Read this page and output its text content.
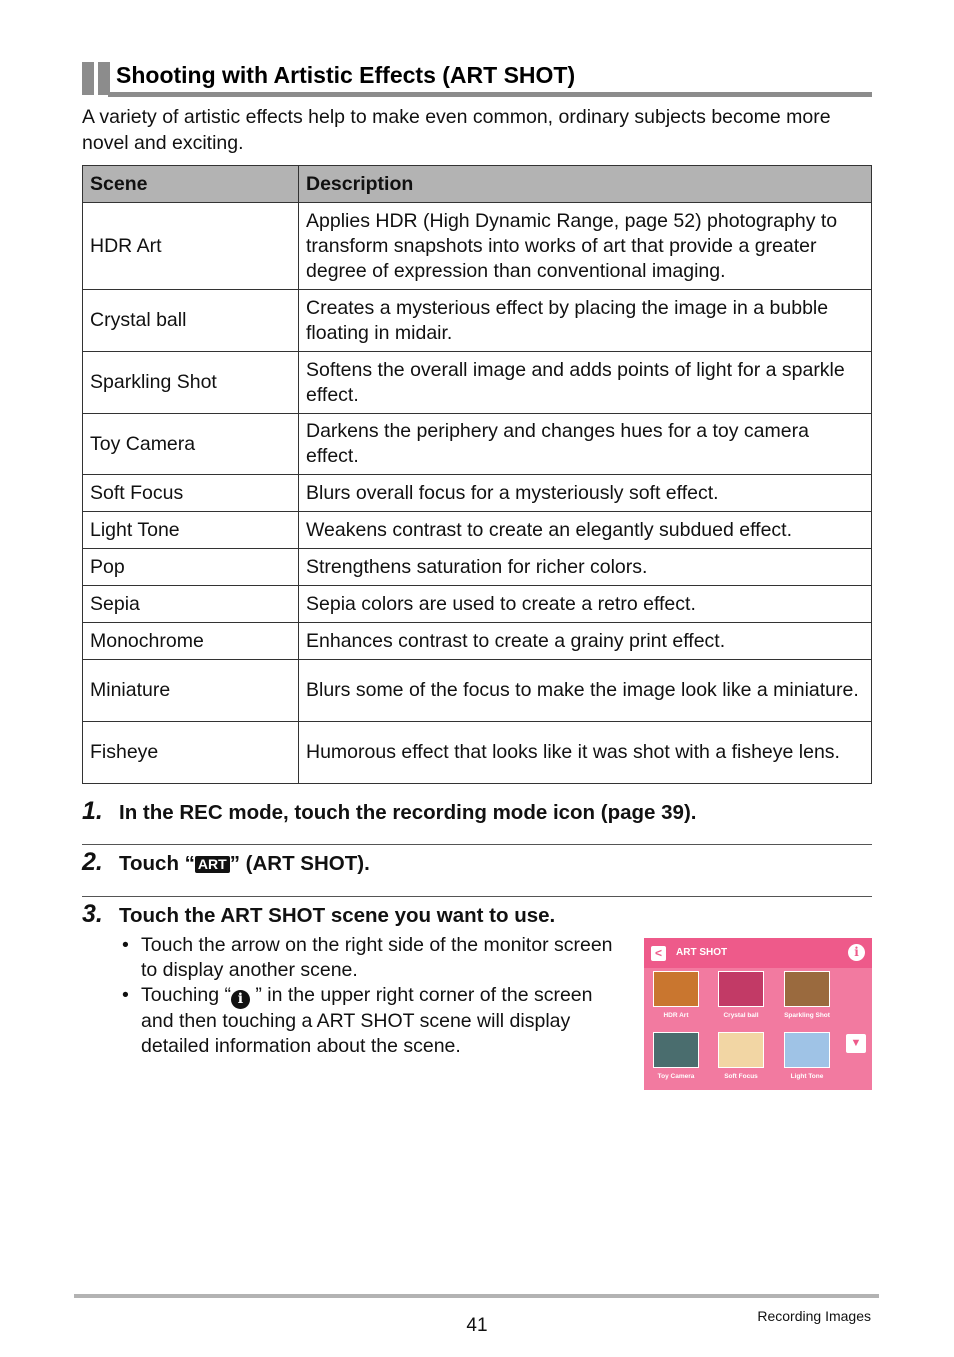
Shooting with Artistic Effects (ART SHOT)

A variety of artistic effects help to make even common, ordinary subjects become more novel and exciting.

Scene	Description
HDR Art	Applies HDR (High Dynamic Range, page 52) photography to transform snapshots into works of art that provide a greater degree of expression than conventional imaging.
Crystal ball	Creates a mysterious effect by placing the image in a bubble floating in midair.
Sparkling Shot	Softens the overall image and adds points of light for a sparkle effect.
Toy Camera	Darkens the periphery and changes hues for a toy camera effect.
Soft Focus	Blurs overall focus for a mysteriously soft effect.
Light Tone	Weakens contrast to create an elegantly subdued effect.
Pop	Strengthens saturation for richer colors.
Sepia	Sepia colors are used to create a retro effect.
Monochrome	Enhances contrast to create a grainy print effect.
Miniature	Blurs some of the focus to make the image look like a miniature.
Fisheye	Humorous effect that looks like it was shot with a fisheye lens.
1. In the REC mode, touch the recording mode icon (page 39).
2. Touch “ ART ” (ART SHOT).
3. Touch the ART SHOT scene you want to use.
• Touch the arrow on the right side of the monitor screen to display another scene.
• Touching “ i ” in the upper right corner of the screen and then touching a ART SHOT scene will display detailed information about the scene.
<	ART SHOT	i
HDR Art	Crystal ball	Sparkling Shot
Toy Camera	Soft Focus	Light Tone
▼
41	Recording Images
